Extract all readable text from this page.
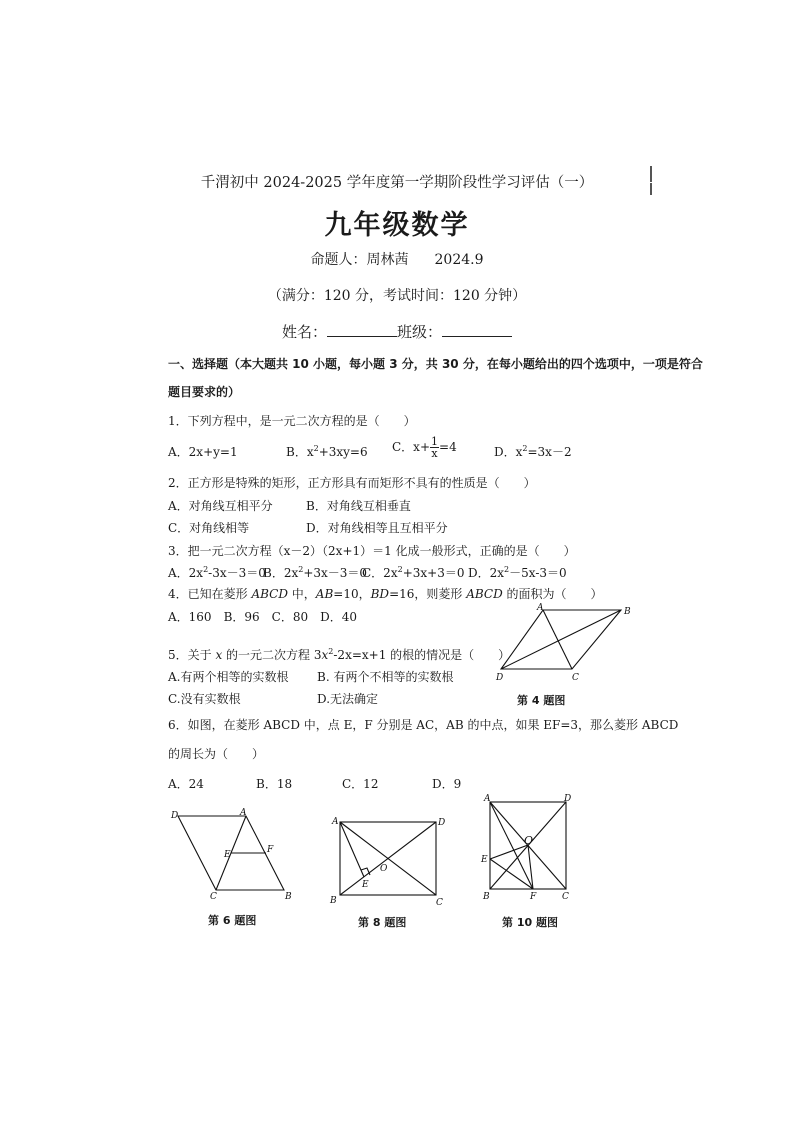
千渭初中 2024-2025 学年度第一学期阶段性学习评估（一）
九年级数学
命题人：周林茜 2024.9
（满分：120 分，考试时间：120 分钟）
姓名：	班级：
一、选择题（本大题共 10 小题，每小题 3 分，共 30 分，在每小题给出的四个选项中，一项是符合
题目要求的）
1．下列方程中，是一元二次方程的是（　　）
A．2x+y=1	B．$x^2+3xy=6$ C．$x+ \frac{1}{x} =4$	D．$x^2=3x-2$
2．正方形是特殊的矩形，正方形具有而矩形不具有的性质是（　　）
A．对角线互相平分	B．对角线互相垂直
C．对角线相等	D．对角线相等且互相平分
3．把一元二次方程（x－2）（2x+1）＝1 化成一般形式，正确的是（　　）
A．$2x^2-3x-3=0$
B．$2x^2+3x-3=0$
C．$2x^2+3x+3=0$ D．$2x^2-5x-3=0$
4．已知在菱形 ABCD 中，AB=10，BD=16，则菱形 ABCD 的面积为（　　）
A．160　B．96　C．80　D．40
A	B
C
D
第 4 题图
5．关于 x 的一元二次方程 $3x^2-2x=x+1$ 的根的情况是（　　）
A.有两个相等的实数根 B. 有两个不相等的实数根
C.没有实数根	D.无法确定
6．如图，在菱形 ABCD 中，点 E，F 分别是 AC，AB 的中点，如果 EF=3，那么菱形 ABCD
的周长为（　　）
A．24	B．18	C．12	D．9
D	A
E	F
C	B
第 6 题图
A	D
O
E
B	C
第 8 题图
A	D
O
E
B	F	C
第 10 题图
